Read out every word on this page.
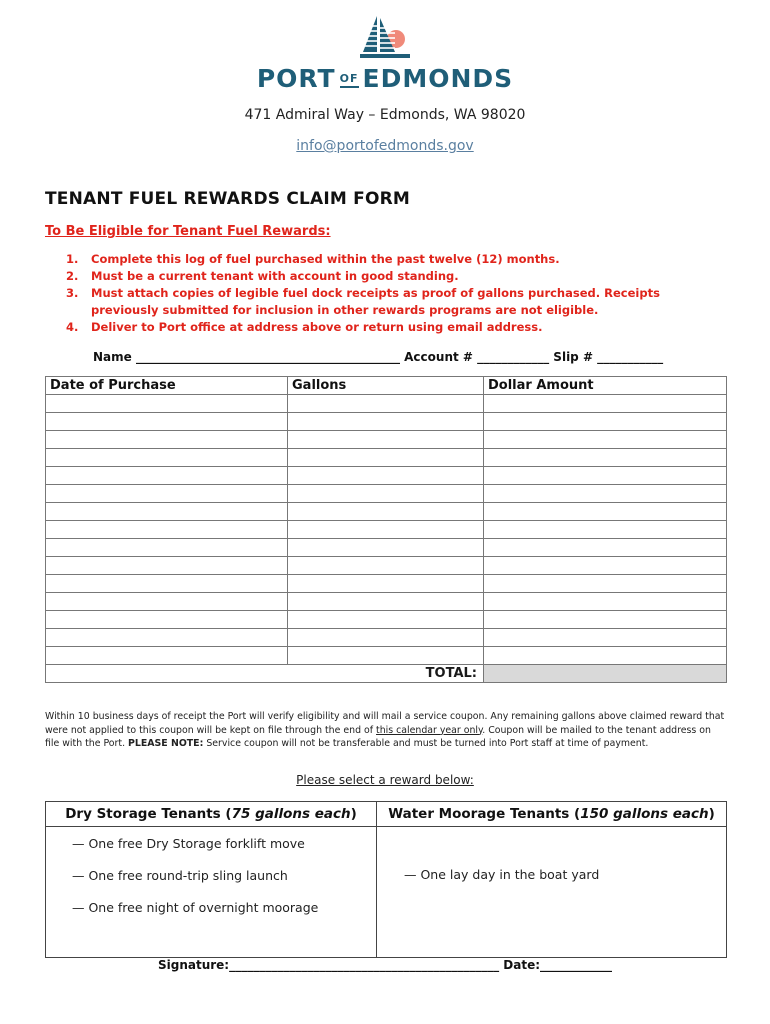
PORT OF EDMONDS
471 Admiral Way – Edmonds, WA 98020
info@portofedmonds.gov
TENANT FUEL REWARDS CLAIM FORM
To Be Eligible for Tenant Fuel Rewards:
1. Complete this log of fuel purchased within the past twelve (12) months.
2. Must be a current tenant with account in good standing.
3. Must attach copies of legible fuel dock receipts as proof of gallons purchased. Receipts previously submitted for inclusion in other rewards programs are not eligible.
4. Deliver to Port office at address above or return using email address.
Name ____________________________________________ Account # ____________ Slip # ___________
Date of Purchase	Gallons	Dollar Amount

TOTAL:		
Within 10 business days of receipt the Port will verify eligibility and will mail a service coupon. Any remaining gallons above claimed reward that were not applied to this coupon will be kept on file through the end of this calendar year only. Coupon will be mailed to the tenant address on file with the Port. PLEASE NOTE: Service coupon will not be transferable and must be turned into Port staff at time of payment.
Please select a reward below:
Dry Storage Tenants (75 gallons each)	Water Moorage Tenants (150 gallons each)

— One free Dry Storage forklift move
— One free round-trip sling launch
— One free night of overnight moorage	— One lay day in the boat yard
Signature:_____________________________________________ Date:____________
